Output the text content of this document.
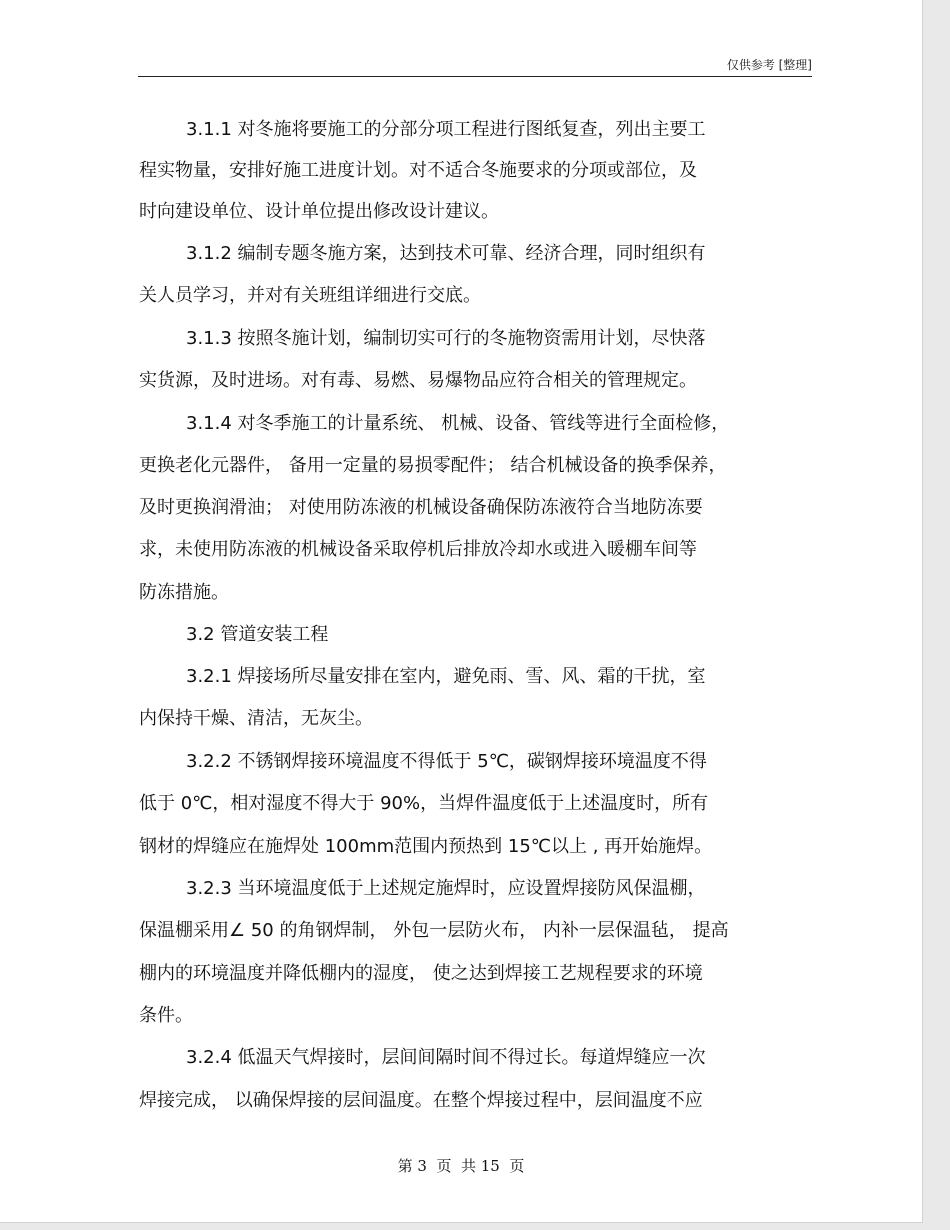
仅供参考 [整理]
3.1.1 对冬施将要施工的分部分项工程进行图纸复查，列出主要工
程实物量，安排好施工进度计划。对不适合冬施要求的分项或部位，及
时向建设单位、设计单位提出修改设计建议。
3.1.2 编制专题冬施方案，达到技术可靠、经济合理，同时组织有
关人员学习，并对有关班组详细进行交底。
3.1.3 按照冬施计划，编制切实可行的冬施物资需用计划，尽快落
实货源，及时进场。对有毒、易燃、易爆物品应符合相关的管理规定。
3.1.4 对冬季施工的计量系统、 机械、设备、管线等进行全面检修，
更换老化元器件， 备用一定量的易损零配件； 结合机械设备的换季保养，
及时更换润滑油； 对使用防冻液的机械设备确保防冻液符合当地防冻要
求，未使用防冻液的机械设备采取停机后排放冷却水或进入暖棚车间等
防冻措施。
3.2 管道安装工程
3.2.1 焊接场所尽量安排在室内，避免雨、雪、风、霜的干扰，室
内保持干燥、清洁，无灰尘。
3.2.2 不锈钢焊接环境温度不得低于 5℃，碳钢焊接环境温度不得
低于 0℃，相对湿度不得大于 90%，当焊件温度低于上述温度时，所有
钢材的焊缝应在施焊处 100mm范围内预热到 15℃以上 , 再开始施焊。
3.2.3 当环境温度低于上述规定施焊时，应设置焊接防风保温棚，
保温棚采用∠ 50 的角钢焊制， 外包一层防火布， 内补一层保温毡， 提高
棚内的环境温度并降低棚内的湿度， 使之达到焊接工艺规程要求的环境
条件。
3.2.4 低温天气焊接时，层间间隔时间不得过长。每道焊缝应一次
焊接完成， 以确保焊接的层间温度。在整个焊接过程中，层间温度不应
第 3  页  共 15  页
